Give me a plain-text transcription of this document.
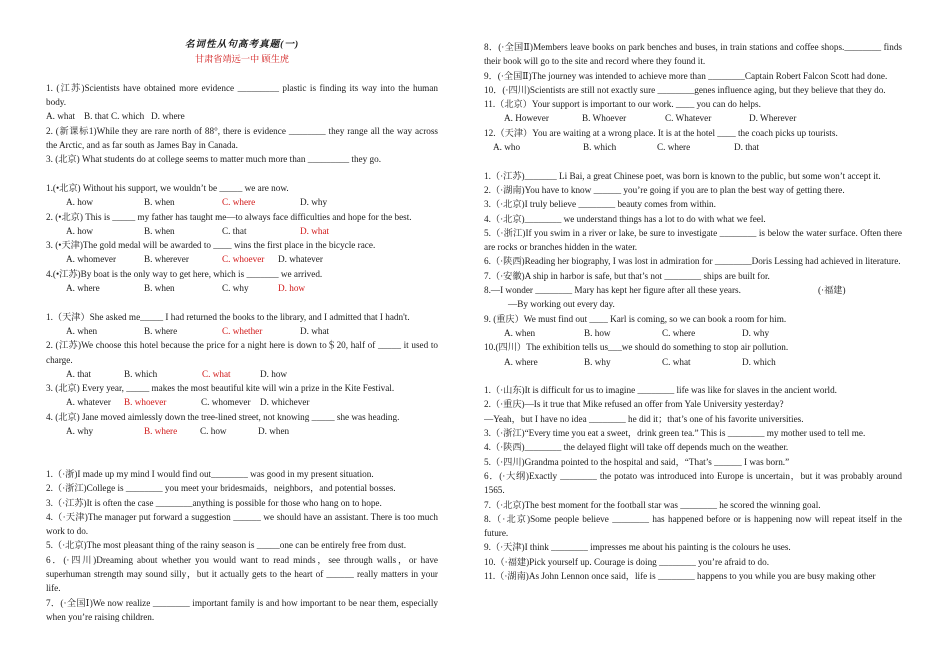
名词性从句高考真题(一)
甘肃省靖远一中 顾生虎
1. (江苏)Scientists have obtained more evidence _________ plastic is finding its way into the human body.
A. what B. that C. which D. where
2. (新课标1)While they are rare north of 88°, there is evidence ________ they range all the way across the Arctic, and as far south as James Bay in Canada.
3. (北京) What students do at college seems to matter much more than _________ they go.
1.(•北京) Without his support, we wouldn’t be _____ we are now.
A. how	B. when	C. where	D. why
2. (•北京) This is _____ my father has taught me—to always face difficulties and hope for the best.
A. how	B. when	C. that	D. what
3. (•天津)The gold medal will be awarded to ____ wins the first place in the bicycle race.
A. whomever	B. wherever	C. whoever	D. whatever
4.(•江苏)By boat is the only way to get here, which is _______ we arrived.
A. where	B. when	C. why	D. how
1.（天津）She asked me_____ I had returned the books to the library, and I admitted that I hadn't.
A. when	B. where	C. whether	D. what
2. (江苏)We choose this hotel because the price for a night here is down to＄20, half of _____ it used to charge.
A. that	B. which	C. what	D. how
3. (北京) Every year, _____ makes the most beautiful kite will win a prize in the Kite Festival.
A. whatever	B. whoever	C. whomever	D. whichever
4. (北京) Jane moved aimlessly down the tree-lined street, not knowing _____ she was heading.
A. why	B. where	C. how	D. when
1.（·浙)I made up my mind I would find out________ was good in my present situation.
2.（·浙江)College is ________ you meet your bridesmaids，neighbors，and potential bosses.
3.（·江苏)It is often the case ________anything is possible for those who hang on to hope.
4.（·天津)The manager put forward a suggestion ______ we should have an assistant. There is too much work to do.
5.（·北京)The most pleasant thing of the rainy season is _____one can be entirely free from dust.
6．(·四川)Dreaming about whether you would want to read minds，see through walls，or have superhuman strength may sound silly，but it actually gets to the heart of ______ really matters in your life.
7．(·全国Ⅰ)We now realize ________ important family is and how important to be near them, especially when you’re raising children.
8．(·全国Ⅱ)Members leave books on park benches and buses, in train stations and coffee shops.________ finds their book will go to the site and record where they found it.
9．(·全国Ⅱ)The journey was intended to achieve more than ________Captain Robert Falcon Scott had done.
10．(·四川)Scientists are still not exactly sure ________genes influence aging, but they believe that they do.
11.（北京）Your support is important to our work. ____ you can do helps.
A. However	B. Whoever	C. Whatever	D. Wherever
12.（天津）You are waiting at a wrong place. It is at the hotel ____ the coach picks up tourists.
A. who	B. which	C. where	D. that
1.（·江苏)_______ Li Bai, a great Chinese poet, was born is known to the public, but some won’t accept it.
2.（·湖南)You have to know ______ you’re going if you are to plan the best way of getting there.
3.（·北京)I truly believe ________ beauty comes from within.
4.（·北京)________ we understand things has a lot to do with what we feel.
5.（·浙江)If you swim in a river or lake, be sure to investigate ________ is below the water surface. Often there are rocks or branches hidden in the water.
6.（·陕西)Reading her biography, I was lost in admiration for ________Doris Lessing had achieved in literature.
7.（·安徽)A ship in harbor is safe, but that’s not ________ ships are built for.
8.—I wonder ________ Mary has kept her figure after all these years.	(·福建)
—By working out every day.
9. (重庆）We must find out ____ Karl is coming, so we can book a room for him.
A. when	B. how	C. where	D. why
10.(四川）The exhibition tells us___we should do something to stop air pollution.
A. where	B. why	C. what	D. which
1.（·山东)It is difficult for us to imagine ________ life was like for slaves in the ancient world.
2.（·重庆)—Is it true that Mike refused an offer from Yale University yesterday?
—Yeah，but I have no idea ________ he did it；that’s one of his favorite universities.
3.（·浙江)“Every time you eat a sweet，drink green tea.” This is ________ my mother used to tell me.
4.（·陕西)________ the delayed flight will take off depends much on the weather.
5.（·四川)Grandma pointed to the hospital and said，“That’s ______ I was born.”
6．(·大纲)Exactly ________ the potato was introduced into Europe is uncertain，but it was probably around 1565.
7.（·北京)The best moment for the football star was ________ he scored the winning goal.
8.（·北京)Some people believe ________ has happened before or is happening now will repeat itself in the future.
9.（·天津)I think ________ impresses me about his painting is the colours he uses.
10.（·福建)Pick yourself up. Courage is doing ________ you’re afraid to do.
11.（·湖南)As John Lennon once said，life is ________ happens to you while you are busy making other
